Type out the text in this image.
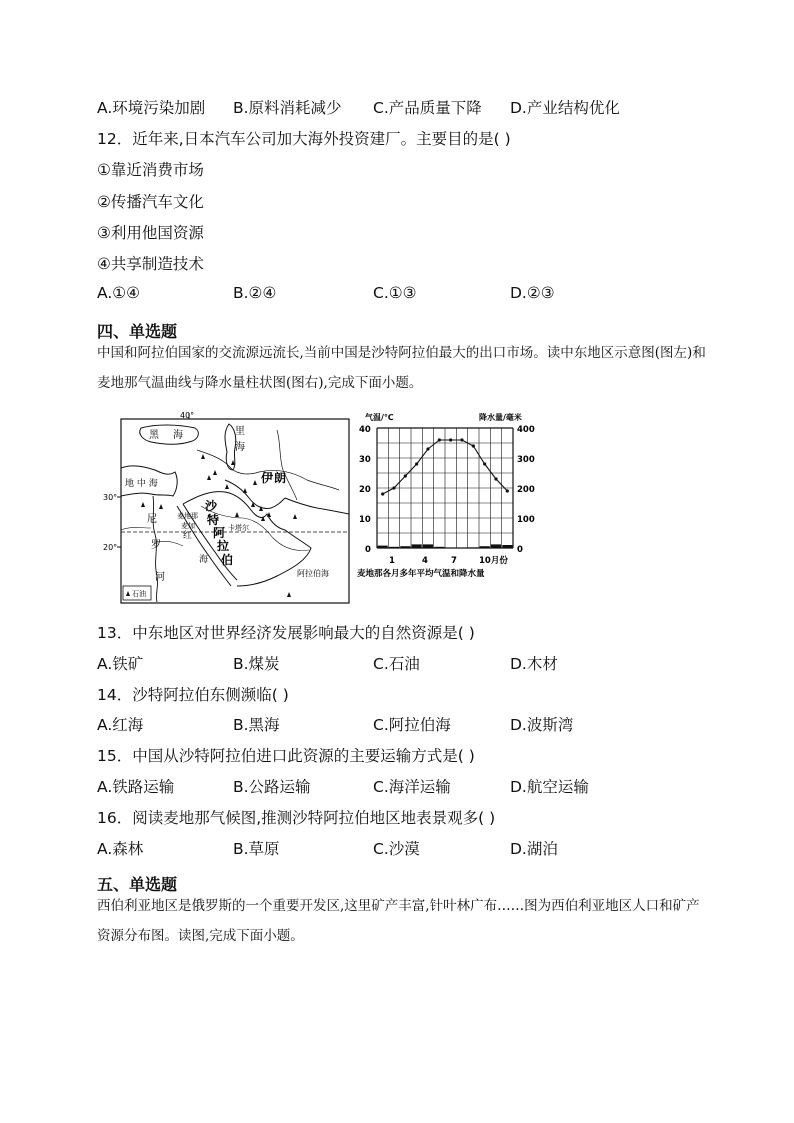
A.环境污染加剧 B.原料消耗减少 C.产品质量下降 D.产业结构优化
12．近年来,日本汽车公司加大海外投资建厂。主要目的是( )
①靠近消费市场
②传播汽车文化
③利用他国资源
④共享制造技术
A.①④	B.②④	C.①③	D.②③
四、单选题
中国和阿拉伯国家的交流源远流长,当前中国是沙特阿拉伯最大的出口市场。读中东地区示意图(图左)和麦地那气温曲线与降水量柱状图(图右),完成下面小题。
40°
30°
20°
黑 海	里
海
地 中 海	伊 朗
沙
特
阿
拉
伯
尼
罗
河
麦地那
麦加
红
海
卡塔尔
阿拉伯海
石油
气温/℃	降水量/毫米
40
30
20
10
0
400
300
200
100
0
1	4	7	10月份
麦地那各月多年平均气温和降水量
13．中东地区对世界经济发展影响最大的自然资源是( )
A.铁矿	B.煤炭	C.石油	D.木材
14．沙特阿拉伯东侧濒临( )
A.红海	B.黑海	C.阿拉伯海	D.波斯湾
15．中国从沙特阿拉伯进口此资源的主要运输方式是( )
A.铁路运输	B.公路运输	C.海洋运输	D.航空运输
16．阅读麦地那气候图,推测沙特阿拉伯地区地表景观多( )
A.森林	B.草原	C.沙漠	D.湖泊
五、单选题
西伯利亚地区是俄罗斯的一个重要开发区,这里矿产丰富,针叶林广布……图为西伯利亚地区人口和矿产资源分布图。读图,完成下面小题。
